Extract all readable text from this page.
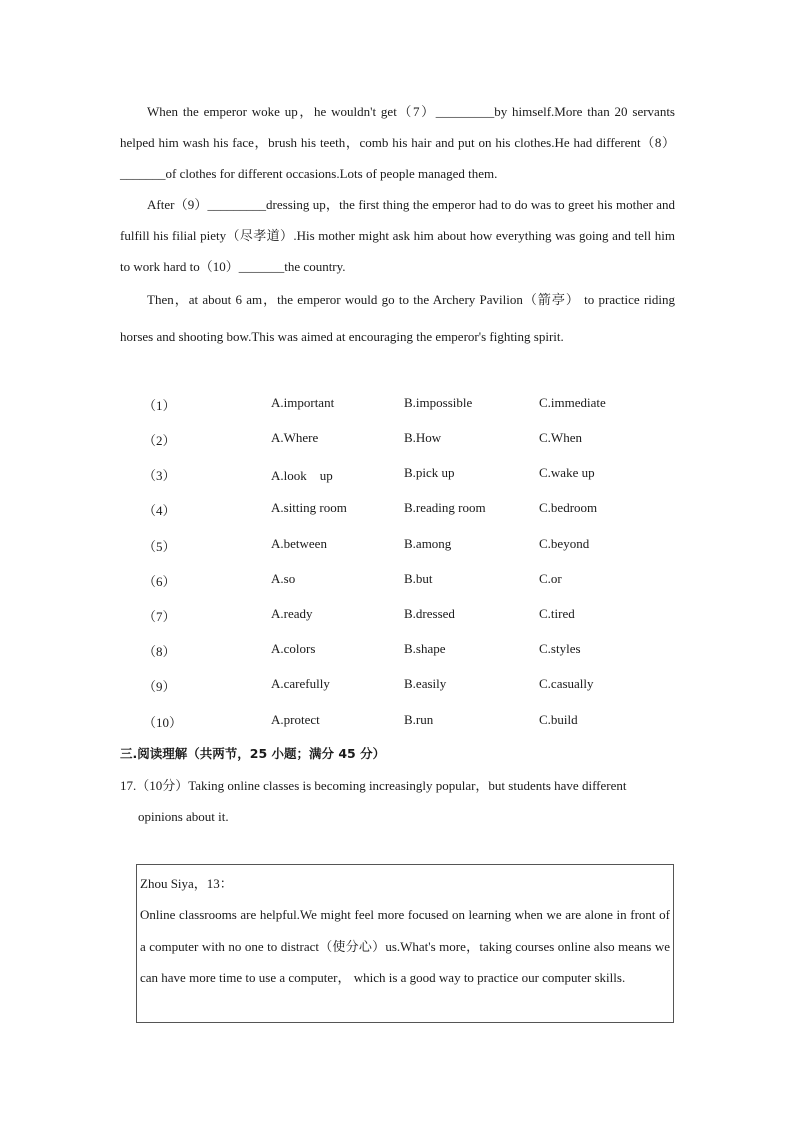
When the emperor woke up，he wouldn't get（7）_________by himself.More than 20 servants helped him wash his face，brush his teeth，comb his hair and put on his clothes.He had different（8）_______of clothes for different occasions.Lots of people managed them.
After（9）_________dressing up，the first thing the emperor had to do was to greet his mother and fulfill his filial piety（尽孝道）.His mother might ask him about how everything was going and tell him to work hard to（10）_______the country.
Then，at about 6 am，the emperor would go to the Archery Pavilion（箭亭） to practice riding horses and shooting bow.This was aimed at encouraging the emperor's fighting spirit.
（1）	A.important	B.impossible	C.immediate
（2）	A.Where	B.How	C.When
（3）	A.look　up	B.pick up	C.wake up
（4）	A.sitting room	B.reading room	C.bedroom
（5）	A.between	B.among	C.beyond
（6）	A.so	B.but	C.or
（7）	A.ready	B.dressed	C.tired
（8）	A.colors	B.shape	C.styles
（9）	A.carefully	B.easily	C.casually
（10）	A.protect	B.run	C.build
三.阅读理解（共两节，25 小题；满分 45 分）
17.（10分）Taking online classes is becoming increasingly popular，but students have different
opinions about it.
Zhou Siya，13：
Online classrooms are helpful.We might feel more focused on learning when we are alone in front of a computer with no one to distract（使分心）us.What's more，taking courses online also means we can have more time to use a computer， which is a good way to practice our computer skills.
